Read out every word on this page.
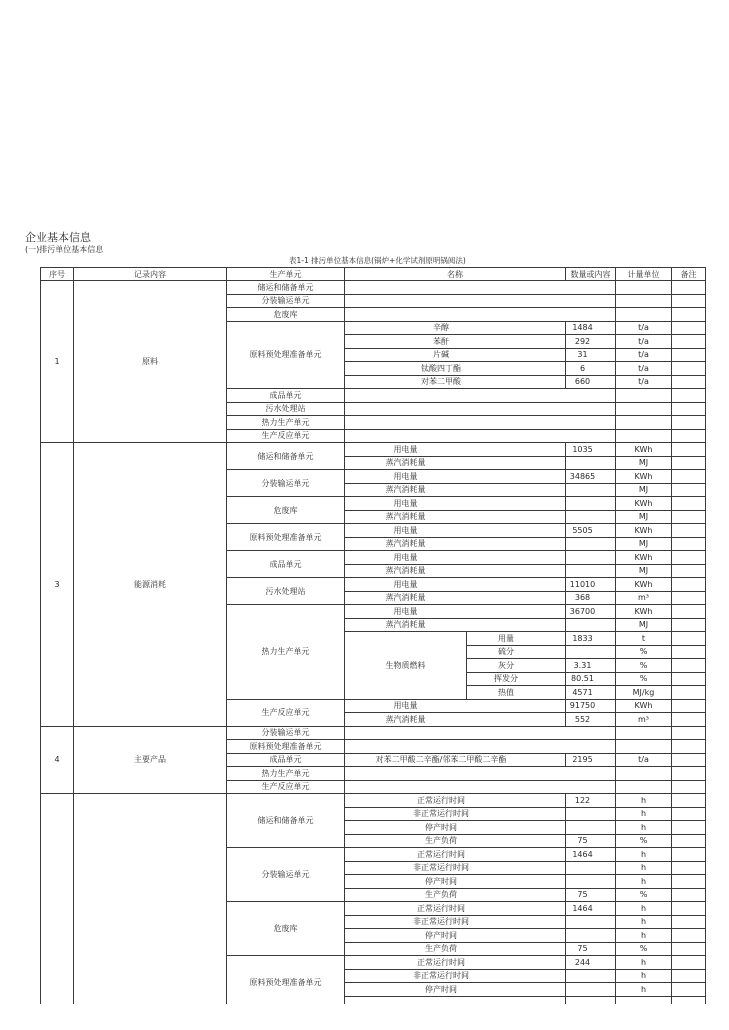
企业基本信息
(一)排污单位基本信息
表1-1 排污单位基本信息(锅炉+化学试剂原明锅阅法)
序号	记录内容	生产单元	名称		数量或内容	计量单位	备注
1	原料	储运和储备单元					
		分装输运单元					
		危废库					
		原料预处理准备单元	辛醇		1484	t/a	
			苯酐		292	t/a	
			片碱		31	t/a	
			钛酸四丁酯		6	t/a	
			对苯二甲酸		660	t/a	
		成品单元					
		污水处理站					
		热力生产单元					
		生产反应单元					
3	能源消耗	储运和储备单元	用电量		1035	KWh	
			蒸汽消耗量			MJ	
		分装输运单元	用电量		34865	KWh	
			蒸汽消耗量			MJ	
		危废库	用电量			KWh	
			蒸汽消耗量			MJ	
		原料预处理准备单元	用电量		5505	KWh	
			蒸汽消耗量			MJ	
		成品单元	用电量			KWh	
			蒸汽消耗量			MJ	
		污水处理站	用电量		11010	KWh	
			蒸汽消耗量		368	m³	
		热力生产单元	用电量		36700	KWh	
			蒸汽消耗量			MJ	
			生物质燃料	用量	1833	t	
				硫分		%	
				灰分	3.31	%	
				挥发分	80.51	%	
				热值	4571	MJ/kg	
		生产反应单元	用电量		91750	KWh	
			蒸汽消耗量		552	m³	
4	主要产品	分装输运单元					
		原料预处理准备单元					
		成品单元	对苯二甲酸二辛酯/邻苯二甲酸二辛酯		2195	t/a	
		热力生产单元					
		生产反应单元					
		储运和储备单元	正常运行时间		122	h	
			非正常运行时间			h	
			停产时间			h	
			生产负荷		75	%	
		分装输运单元	正常运行时间		1464	h	
			非正常运行时间			h	
			停产时间			h	
			生产负荷		75	%	
		危废库	正常运行时间		1464	h	
			非正常运行时间			h	
			停产时间			h	
			生产负荷		75	%	
		原料预处理准备单元	正常运行时间		244	h	
			非正常运行时间			h	
			停产时间			h	
